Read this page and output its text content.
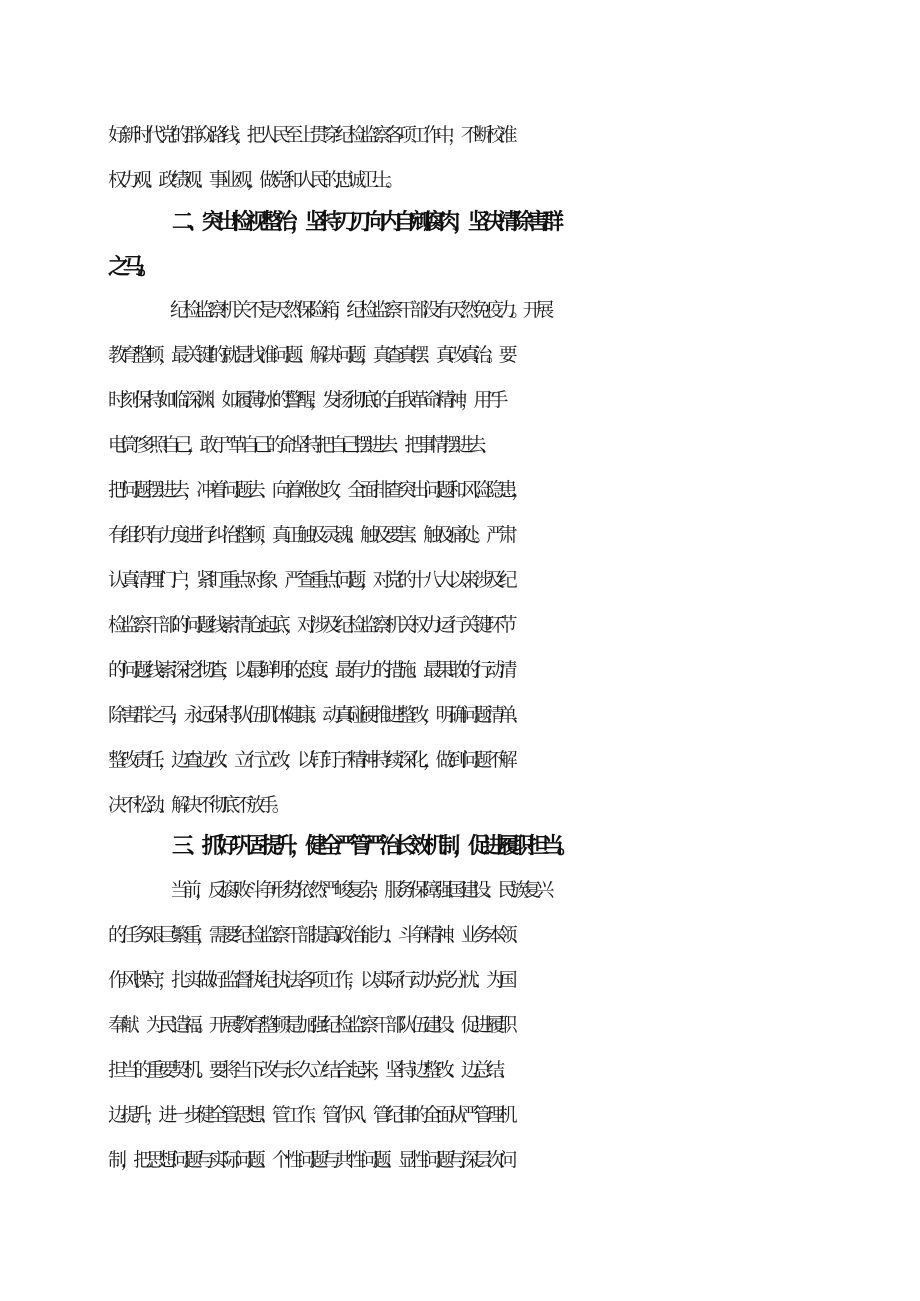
好新时代党的群众路线，把人民至上贯穿纪检监察各项工作中，不断校准
权力观、政绩观、事业观，做党和人民的忠诚卫士。
二、突出检视整治，坚持刀刃向内自剜腐肉，坚决清除害群
之马。
纪检监察机关不是天然保险箱，纪检监察干部没有天然免疫力。开展
教育整顿，最关键的就是找准问题、解决问题，真查真摆、真改真治。要
时刻保持如临深渊、如履薄冰的警醒，发扬彻底的自我革命精神，用“手
电筒”多照自己，敢于“革自己的命坚持把自己摆进去、把事情摆进去、
把问题摆进去，冲着问题去、向着难处攻，全面排查突出问题和风险隐患，
有组织有力度进行纠治整顿，真正触及灵魂、触及要害、触及痛处。严肃
认真清理门户，紧盯重点对象、严查重点问题，对党的十八大以来涉及纪
检监察干部的问题线索清仓起底，对涉及纪检监察机关权力运行关键环节
的问题线索深挖彻查，以最鲜明的态度、最有力的措施、最果敢的行动清
除害群之马，永远保持队伍肌体健康。动真碰硬推进整改，明确问题清单、
整改责任，边查边改、立行立改，以钉钉子精神持续深化，做到问题不解
决不松劲、解决不彻底不放手。
三、抓好巩固提升，健全严管严治长效机制，促进履职担当。
当前，反腐败斗争形势依然严峻复杂，服务保障强国建设、民族复兴
的任务艰巨繁重，需要纪检监察干部提高政治能力、斗争精神、业务本领、
作风操守，扎实做好监督执纪执法各项工作，以实际行动为党分忧、为国
奉献、为民造福。开展教育整顿是加强纪检监察干部队伍建设、促进履职
担当的重要契机。要将当下改与长久立结合起来，坚持边整改、边总结、
边提升，进一步健全管思想、管工作、管作风、管纪律的全面从严管理机
制，把思想问题与实际问题、个性问题与共性问题、显性问题与深层次问
